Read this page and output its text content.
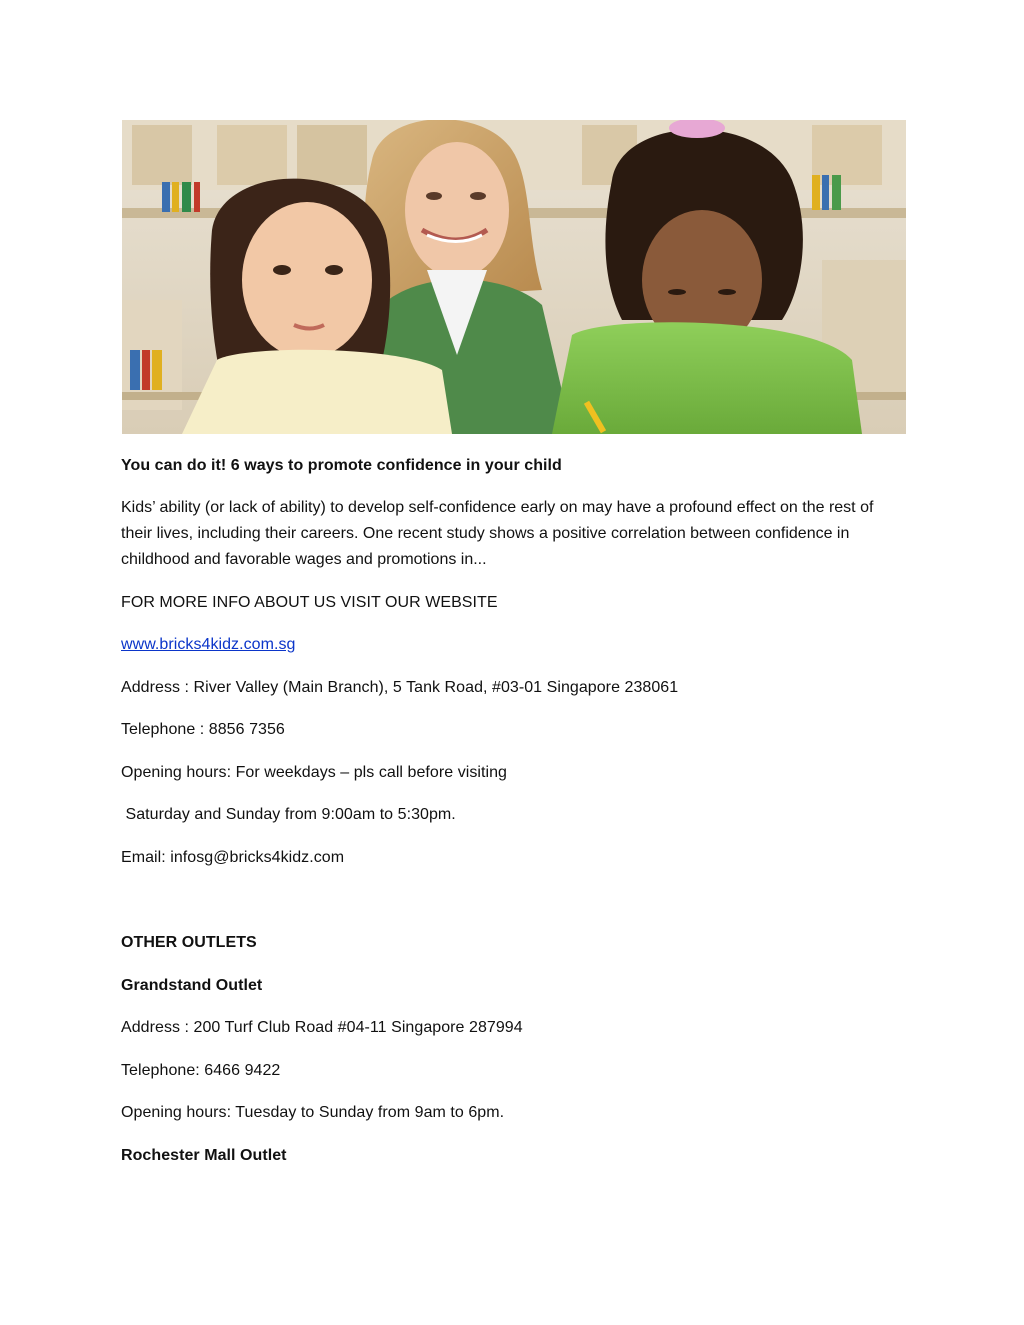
You can do it! 6 ways to promote confidence in your child

Kids’ ability (or lack of ability) to develop self-confidence early on may have a profound effect on the rest of their lives, including their careers. One recent study shows a positive correlation between confidence in childhood and favorable wages and promotions in...

FOR MORE INFO ABOUT US VISIT OUR WEBSITE
www.bricks4kidz.com.sg
Address : River Valley (Main Branch), 5 Tank Road, #03-01 Singapore 238061
Telephone : 8856 7356
Opening hours: For weekdays – pls call before visiting
Saturday and Sunday from 9:00am to 5:30pm.
Email: infosg@bricks4kidz.com
OTHER OUTLETS
Grandstand Outlet
Address : 200 Turf Club Road #04-11 Singapore 287994
Telephone: 6466 9422
Opening hours: Tuesday to Sunday from 9am to 6pm.
Rochester Mall Outlet
